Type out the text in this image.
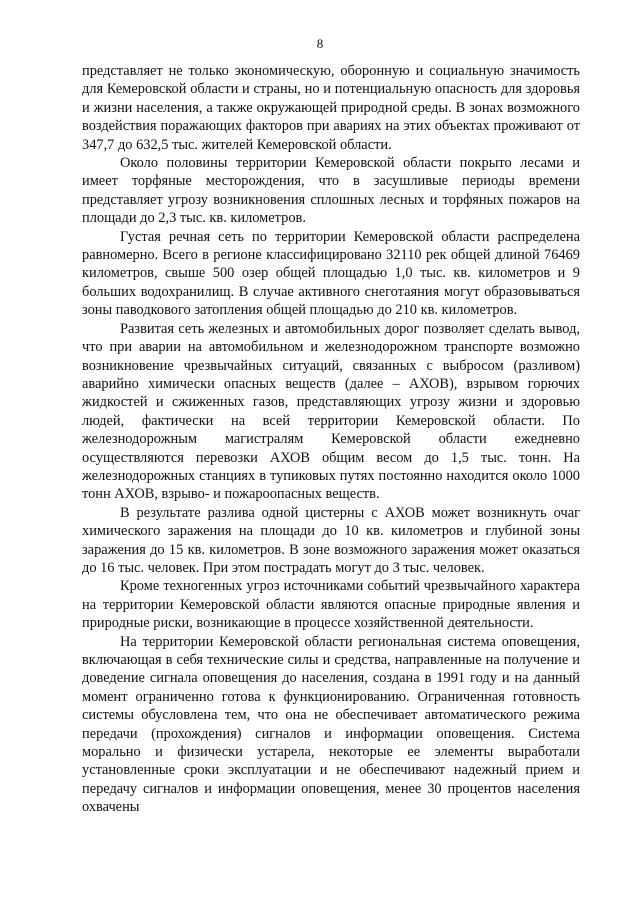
8

представляет не только экономическую, оборонную и социальную значимость для Кемеровской области и страны, но и потенциальную опасность для здоровья и жизни населения, а также окружающей природной среды. В зонах возможного воздействия поражающих факторов при авариях на этих объектах проживают от 347,7 до 632,5 тыс. жителей Кемеровской области.

Около половины территории Кемеровской области покрыто лесами и имеет торфяные месторождения, что в засушливые периоды времени представляет угрозу возникновения сплошных лесных и торфяных пожаров на площади до 2,3 тыс. кв. километров.

Густая речная сеть по территории Кемеровской области распределена равномерно. Всего в регионе классифицировано 32110 рек общей длиной 76469 километров, свыше 500 озер общей площадью 1,0 тыс. кв. километров и 9 больших водохранилищ. В случае активного снеготаяния могут образовываться зоны паводкового затопления общей площадью до 210 кв. километров.

Развитая сеть железных и автомобильных дорог позволяет сделать вывод, что при аварии на автомобильном и железнодорожном транспорте возможно возникновение чрезвычайных ситуаций, связанных с выбросом (разливом) аварийно химически опасных веществ (далее – АХОВ), взрывом горючих жидкостей и сжиженных газов, представляющих угрозу жизни и здоровью людей, фактически на всей территории Кемеровской области. По железнодорожным магистралям Кемеровской области ежедневно осуществляются перевозки АХОВ общим весом до 1,5 тыс. тонн. На железнодорожных станциях в тупиковых путях постоянно находится около 1000 тонн АХОВ, взрыво- и пожароопасных веществ.

В результате разлива одной цистерны с АХОВ может возникнуть очаг химического заражения на площади до 10 кв. километров и глубиной зоны заражения до 15 кв. километров. В зоне возможного заражения может оказаться до 16 тыс. человек. При этом пострадать могут до 3 тыс. человек.

Кроме техногенных угроз источниками событий чрезвычайного характера на территории Кемеровской области являются опасные природные явления и природные риски, возникающие в процессе хозяйственной деятельности.

На территории Кемеровской области региональная система оповещения, включающая в себя технические силы и средства, направленные на получение и доведение сигнала оповещения до населения, создана в 1991 году и на данный момент ограниченно готова к функционированию. Ограниченная готовность системы обусловлена тем, что она не обеспечивает автоматического режима передачи (прохождения) сигналов и информации оповещения. Система морально и физически устарела, некоторые ее элементы выработали установленные сроки эксплуатации и не обеспечивают надежный прием и передачу сигналов и информации оповещения, менее 30 процентов населения охвачены
